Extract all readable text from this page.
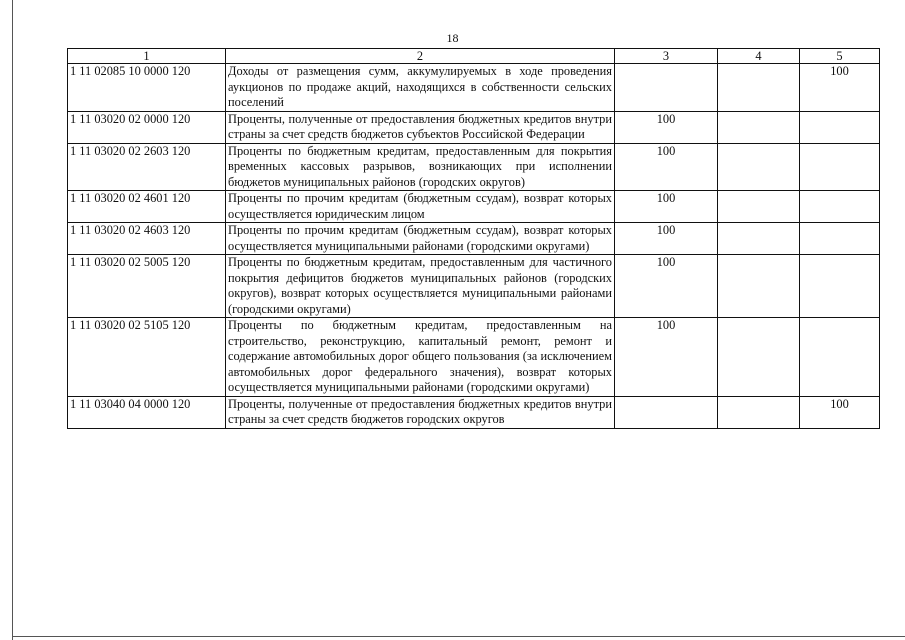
18
1	2	3	4	5
1 11 02085 10 0000 120	Доходы от размещения сумм, аккумулируемых в ходе проведения аукционов по продаже акций, находящихся в собственности сельских поселений			100
1 11 03020 02 0000 120	Проценты, полученные от предоставления бюджетных кредитов внутри страны за счет средств бюджетов субъектов Российской Федерации	100		
1 11 03020 02 2603 120	Проценты по бюджетным кредитам, предоставленным для покрытия временных кассовых разрывов, возникающих при исполнении бюджетов муниципальных районов (городских округов)	100		
1 11 03020 02 4601 120	Проценты по прочим кредитам (бюджетным ссудам), возврат которых осуществляется юридическим лицом	100		
1 11 03020 02 4603 120	Проценты по прочим кредитам (бюджетным ссудам), возврат которых осуществляется муниципальными районами (городскими округами)	100		
1 11 03020 02 5005 120	Проценты по бюджетным кредитам, предоставленным для частичного покрытия дефицитов бюджетов муниципальных районов (городских округов), возврат которых осуществляется муниципальными районами (городскими округами)	100		
1 11 03020 02 5105 120	Проценты по бюджетным кредитам, предоставленным на строительство, реконструкцию, капитальный ремонт, ремонт и содержание автомобильных дорог общего пользования (за исключением автомобильных дорог федерального значения), возврат которых осуществляется муниципальными районами (городскими округами)	100		
1 11 03040 04 0000 120	Проценты, полученные от предоставления бюджетных кредитов внутри страны за счет средств бюджетов городских округов			100
